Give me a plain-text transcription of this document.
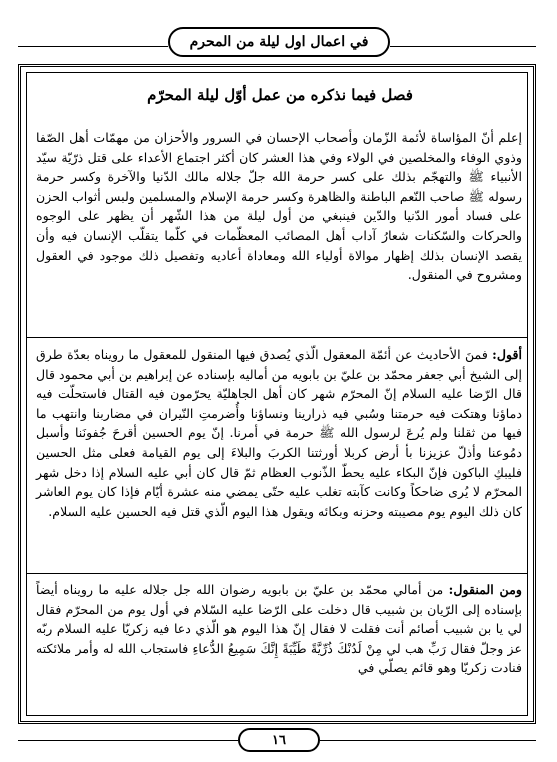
في اعمال اول ليلة من المحرم
فصل فيما نذكره من عمل أوّل ليلة المحرّم
إعلم أنّ المؤاساة لأئمة الزّمان وأصحاب الإحسان في السرور والأحزان من مهمّات أهل الصّفا وذوي الوفاء والمخلصين في الولاء وفي هذا العشر كان أكثر اجتماع الأعداء على قتل ذرّيّة سيّد الأنبياء ﷺ والتهجّم بذلك على كسر حرمة الله جلّ جلاله مالك الدّنيا والآخرة وكسر حرمة رسوله ﷺ صاحب النّعم الباطنة والظاهرة وكسر حرمة الإسلام والمسلمين ولبس أثواب الحزن على فساد أمور الدّنيا والدّين فينبغي من أول ليلة من هذا الشّهر أن يظهر على الوجوه والحركات والسّكنات شعارُ آداب أهل المصائب المعظّمات في كلّما يتقلّب الإنسان فيه وأن يقصد الإنسان بذلك إظهار موالاة أولياء الله ومعاداة أعاديه وتفصيل ذلك موجود في العقول ومشروح في المنقول.
أقول: فمنَ الأحاديث عن أئمّة المعقول الّذي يُصدق فيها المنقول للمعقول ما رويناه بعدّة طرق إلى الشيخ أبي جعفر محمّد بن عليّ بن بابويه من أماليه بإسناده عن إبراهيم بن أبي محمود قال قال الرّضا عليه السلام إنّ المحرّم شهر كان أهل الجاهليّة يحرّمون فيه القتال فاستحلّت فيه دماؤنا وهتكت فيه حرمتنا وسُبي فيه ذرارينا ونساؤنا وأُضرمتِ النّيران في مضاربنا وانتهب ما فيها من ثقلنا ولم يُرعَ لرسول الله ﷺ حرمة في أمرنا. إنّ يوم الحسين أقرحَ جُفونَنا وأسبل دمُوعنا وأذلّ عزيزنا بأ أرض كربلا أورثتنا الكربَ والبلاءَ إلى يوم القيامة فعلى مثل الحسين فليبكِ الباكون فإنّ البكاء عليه يحطّ الذّنوب العظام ثمّ قال كان أبي عليه السلام إذا دخل شهر المحرّم لا يُرى ضاحكاً وكانت كآبته تغلب عليه حتّى يمضي منه عشرة أيّام فإذا كان يوم العاشر كان ذلك اليوم يوم مصيبته وحزنه وبكائه ويقول هذا اليوم الّذي قتل فيه الحسين عليه السلام.
ومن المنقول: من أمالي محمّد بن عليّ بن بابويه رضوان الله جل جلاله عليه ما رويناه أيضاً بإسناده إلى الرّيان بن شبيب قال دخلت على الرّضا عليه السّلام في أول يوم من المحرّم فقال لي يا بن شبيب أصائم أنت فقلت لا فقال إنّ هذا اليوم هو الّذي دعا فيه زكريّا عليه السلام ربّه عز وجلّ فقال رَبِّ هب لي مِنْ لَدُنْكَ ذُرِّيَّةً طَيِّبَةً إِنَّكَ سَمِيعُ الدُّعاءِ فاستجاب الله له وأمر ملائكته فنادت زكريّا وهو قائم يصلّي في
١٦
